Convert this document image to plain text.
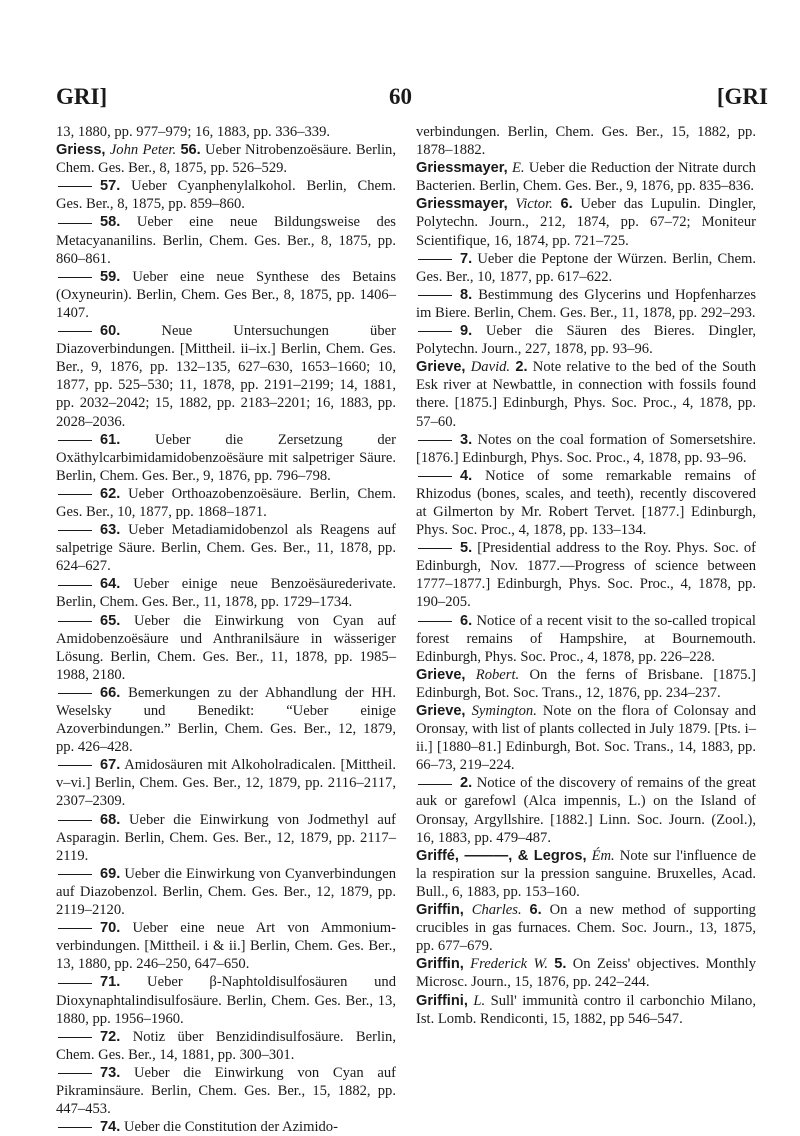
GRI]	60	[GRI

13, 1880, pp. 977–979; 16, 1883, pp. 336–339.

Griess, John Peter. 56. Ueber Nitrobenzoësäure. Berlin, Chem. Ges. Ber., 8, 1875, pp. 526–529.

57. Ueber Cyanphenylalkohol. Berlin, Chem. Ges. Ber., 8, 1875, pp. 859–860.

58. Ueber eine neue Bildungsweise des Metacyananilins. Berlin, Chem. Ges. Ber., 8, 1875, pp. 860–861.

59. Ueber eine neue Synthese des Betains (Oxyneurin). Berlin, Chem. Ges Ber., 8, 1875, pp. 1406–1407.

60.	Neue Untersuchungen über Diazoverbindungen. [Mittheil. ii–ix.] Berlin, Chem. Ges. Ber., 9, 1876, pp. 132–135, 627–630, 1653–1660; 10, 1877, pp. 525–530; 11, 1878, pp. 2191–2199; 14, 1881, pp. 2032–2042; 15, 1882, pp. 2183–2201; 16, 1883, pp. 2028–2036.

61. Ueber die Zersetzung der Oxäthylcarbimidamidobenzoësäure mit salpetriger Säure. Berlin, Chem. Ges. Ber., 9, 1876, pp. 796–798.

62. Ueber Orthoazobenzoësäure. Berlin, Chem. Ges. Ber., 10, 1877, pp. 1868–1871.

63. Ueber Metadiamidobenzol als Reagens auf salpetrige Säure. Berlin, Chem. Ges. Ber., 11, 1878, pp. 624–627.

64. Ueber einige neue Benzoësäurederivate. Berlin, Chem. Ges. Ber., 11, 1878, pp. 1729–1734.

65. Ueber die Einwirkung von Cyan auf Amidobenzoësäure und Anthranilsäure in wässeriger Lösung. Berlin, Chem. Ges. Ber., 11, 1878, pp. 1985–1988, 2180.

66. Bemerkungen zu der Abhandlung der HH. Weselsky und Benedikt: “Ueber einige Azoverbindungen.” Berlin, Chem. Ges. Ber., 12, 1879, pp. 426–428.

67. Amidosäuren mit Alkoholradicalen. [Mittheil. v–vi.] Berlin, Chem. Ges. Ber., 12, 1879, pp. 2116–2117, 2307–2309.

68. Ueber die Einwirkung von Jodmethyl auf Asparagin. Berlin, Chem. Ges. Ber., 12, 1879, pp. 2117–2119.

69. Ueber die Einwirkung von Cyanverbindungen auf Diazobenzol. Berlin, Chem. Ges. Ber., 12, 1879, pp. 2119–2120.

70. Ueber eine neue Art von Ammonium-verbindungen. [Mittheil. i & ii.] Berlin, Chem. Ges. Ber., 13, 1880, pp. 246–250, 647–650.

71. Ueber β-Naphtoldisulfosäuren und Dioxynaphtalindisulfosäure. Berlin, Chem. Ges. Ber., 13, 1880, pp. 1956–1960.

72. Notiz über Benzidindisulfosäure. Berlin, Chem. Ges. Ber., 14, 1881, pp. 300–301.

73. Ueber die Einwirkung von Cyan auf Pikraminsäure. Berlin, Chem. Ges. Ber., 15, 1882, pp. 447–453.

74. Ueber die Constitution der Azimido-

verbindungen. Berlin, Chem. Ges. Ber., 15, 1882, pp. 1878–1882.

Griessmayer, E. Ueber die Reduction der Nitrate durch Bacterien. Berlin, Chem. Ges. Ber., 9, 1876, pp. 835–836.

Griessmayer, Victor. 6. Ueber das Lupulin. Dingler, Polytechn. Journ., 212, 1874, pp. 67–72; Moniteur Scientifique, 16, 1874, pp. 721–725.

7. Ueber die Peptone der Würzen. Berlin, Chem. Ges. Ber., 10, 1877, pp. 617–622.

8. Bestimmung des Glycerins und Hopfenharzes im Biere. Berlin, Chem. Ges. Ber., 11, 1878, pp. 292–293.

9. Ueber die Säuren des Bieres. Dingler, Polytechn. Journ., 227, 1878, pp. 93–96.

Grieve, David. 2. Note relative to the bed of the South Esk river at Newbattle, in connection with fossils found there. [1875.] Edinburgh, Phys. Soc. Proc., 4, 1878, pp. 57–60.

3. Notes on the coal formation of Somersetshire. [1876.] Edinburgh, Phys. Soc. Proc., 4, 1878, pp. 93–96.

4. Notice of some remarkable remains of Rhizodus (bones, scales, and teeth), recently discovered at Gilmerton by Mr. Robert Tervet. [1877.] Edinburgh, Phys. Soc. Proc., 4, 1878, pp. 133–134.

5. [Presidential address to the Roy. Phys. Soc. of Edinburgh, Nov. 1877.—Progress of science between 1777–1877.] Edinburgh, Phys. Soc. Proc., 4, 1878, pp. 190–205.

6. Notice of a recent visit to the so-called tropical forest remains of Hampshire, at Bournemouth. Edinburgh, Phys. Soc. Proc., 4, 1878, pp. 226–228.

Grieve, Robert. On the ferns of Brisbane. [1875.] Edinburgh, Bot. Soc. Trans., 12, 1876, pp. 234–237.

Grieve, Symington. Note on the flora of Colonsay and Oronsay, with list of plants collected in July 1879. [Pts. i–ii.] [1880–81.] Edinburgh, Bot. Soc. Trans., 14, 1883, pp. 66–73, 219–224.

2. Notice of the discovery of remains of the great auk or garefowl (Alca impennis, L.) on the Island of Oronsay, Argyllshire. [1882.] Linn. Soc. Journ. (Zool.), 16, 1883, pp. 479–487.

Griffé, ———, & Legros, Ém. Note sur l'influence de la respiration sur la pression sanguine. Bruxelles, Acad. Bull., 6, 1883, pp. 153–160.

Griffin, Charles. 6. On a new method of supporting crucibles in gas furnaces. Chem. Soc. Journ., 13, 1875, pp. 677–679.

Griffin, Frederick W. 5. On Zeiss' objectives. Monthly Microsc. Journ., 15, 1876, pp. 242–244.

Griffini, L. Sull' immunità contro il carbonchio Milano, Ist. Lomb. Rendiconti, 15, 1882, pp 546–547.
